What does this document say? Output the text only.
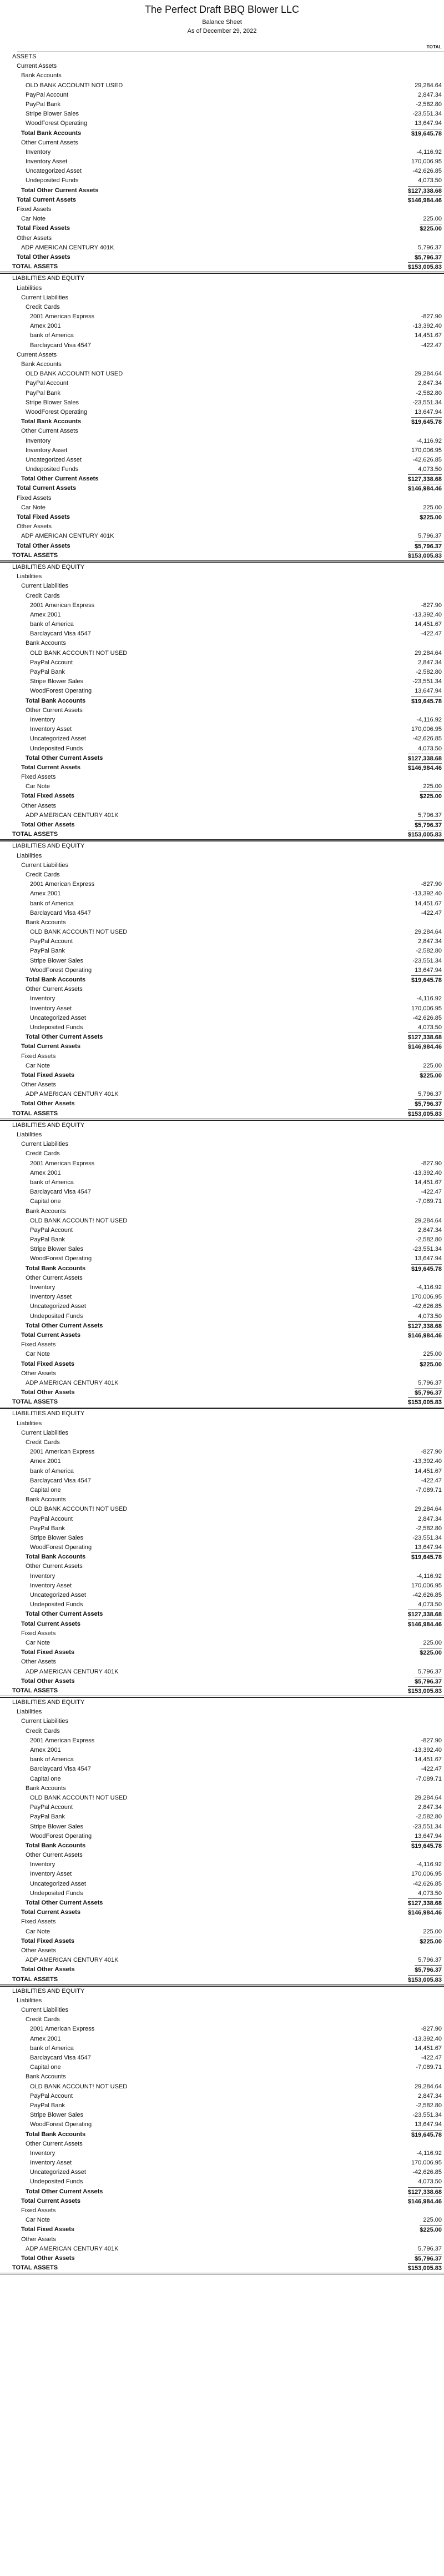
The Perfect Draft BBQ Blower LLC
Balance Sheet
As of December 29, 2022
TOTAL
ASSETS
Current Assets
Bank Accounts
OLD BANK ACCOUNT! NOT USED	29,284.64
PayPal Account	2,847.34
PayPal Bank	-2,582.80
Stripe Blower Sales	-23,551.34
WoodForest Operating	13,647.94
Total Bank Accounts	$19,645.78
Other Current Assets
Inventory	-4,116.92
Inventory Asset	170,006.95
Uncategorized Asset	-42,626.85
Undeposited Funds	4,073.50
Total Other Current Assets	$127,338.68
Total Current Assets	$146,984.46
Fixed Assets
Car Note	225.00
Total Fixed Assets	$225.00
Other Assets
ADP AMERICAN CENTURY 401K	5,796.37
Total Other Assets	$5,796.37
TOTAL ASSETS	$153,005.83
LIABILITIES AND EQUITY
Liabilities
Current Liabilities
Credit Cards
2001 American Express	-827.90
Amex 2001	-13,392.40
bank of America	14,451.67
Barclaycard Visa 4547	-422.47
Current Assets
Bank Accounts
OLD BANK ACCOUNT! NOT USED	29,284.64
PayPal Account	2,847.34
PayPal Bank	-2,582.80
Stripe Blower Sales	-23,551.34
WoodForest Operating	13,647.94
Total Bank Accounts	$19,645.78
Other Current Assets
Inventory	-4,116.92
Inventory Asset	170,006.95
Uncategorized Asset	-42,626.85
Undeposited Funds	4,073.50
Total Other Current Assets	$127,338.68
Total Current Assets	$146,984.46
Fixed Assets
Car Note	225.00
Total Fixed Assets	$225.00
Other Assets
ADP AMERICAN CENTURY 401K	5,796.37
Total Other Assets	$5,796.37
TOTAL ASSETS	$153,005.83
LIABILITIES AND EQUITY
Liabilities
Current Liabilities
Credit Cards
2001 American Express	-827.90
Amex 2001	-13,392.40
bank of America	14,451.67
Barclaycard Visa 4547	-422.47
Bank Accounts
OLD BANK ACCOUNT! NOT USED	29,284.64
PayPal Account	2,847.34
PayPal Bank	-2,582.80
Stripe Blower Sales	-23,551.34
WoodForest Operating	13,647.94
Total Bank Accounts	$19,645.78
Other Current Assets
Inventory	-4,116.92
Inventory Asset	170,006.95
Uncategorized Asset	-42,626.85
Undeposited Funds	4,073.50
Total Other Current Assets	$127,338.68
Total Current Assets	$146,984.46
Fixed Assets
Car Note	225.00
Total Fixed Assets	$225.00
Other Assets
ADP AMERICAN CENTURY 401K	5,796.37
Total Other Assets	$5,796.37
TOTAL ASSETS	$153,005.83
LIABILITIES AND EQUITY
Liabilities
Current Liabilities
Credit Cards
2001 American Express	-827.90
Amex 2001	-13,392.40
bank of America	14,451.67
Barclaycard Visa 4547	-422.47
Bank Accounts
OLD BANK ACCOUNT! NOT USED	29,284.64
PayPal Account	2,847.34
PayPal Bank	-2,582.80
Stripe Blower Sales	-23,551.34
WoodForest Operating	13,647.94
Total Bank Accounts	$19,645.78
Other Current Assets
Inventory	-4,116.92
Inventory Asset	170,006.95
Uncategorized Asset	-42,626.85
Undeposited Funds	4,073.50
Total Other Current Assets	$127,338.68
Total Current Assets	$146,984.46
Fixed Assets
Car Note	225.00
Total Fixed Assets	$225.00
Other Assets
ADP AMERICAN CENTURY 401K	5,796.37
Total Other Assets	$5,796.37
TOTAL ASSETS	$153,005.83
LIABILITIES AND EQUITY
Liabilities
Current Liabilities
Credit Cards
2001 American Express	-827.90
Amex 2001	-13,392.40
bank of America	14,451.67
Barclaycard Visa 4547	-422.47
Capital one	-7,089.71
Bank Accounts
OLD BANK ACCOUNT! NOT USED	29,284.64
PayPal Account	2,847.34
PayPal Bank	-2,582.80
Stripe Blower Sales	-23,551.34
WoodForest Operating	13,647.94
Total Bank Accounts	$19,645.78
Other Current Assets
Inventory	-4,116.92
Inventory Asset	170,006.95
Uncategorized Asset	-42,626.85
Undeposited Funds	4,073.50
Total Other Current Assets	$127,338.68
Total Current Assets	$146,984.46
Fixed Assets
Car Note	225.00
Total Fixed Assets	$225.00
Other Assets
ADP AMERICAN CENTURY 401K	5,796.37
Total Other Assets	$5,796.37
TOTAL ASSETS	$153,005.83
LIABILITIES AND EQUITY
Liabilities
Current Liabilities
Credit Cards
2001 American Express	-827.90
Amex 2001	-13,392.40
bank of America	14,451.67
Barclaycard Visa 4547	-422.47
Capital one	-7,089.71
Bank Accounts
OLD BANK ACCOUNT! NOT USED	29,284.64
PayPal Account	2,847.34
PayPal Bank	-2,582.80
Stripe Blower Sales	-23,551.34
WoodForest Operating	13,647.94
Total Bank Accounts	$19,645.78
Other Current Assets
Inventory	-4,116.92
Inventory Asset	170,006.95
Uncategorized Asset	-42,626.85
Undeposited Funds	4,073.50
Total Other Current Assets	$127,338.68
Total Current Assets	$146,984.46
Fixed Assets
Car Note	225.00
Total Fixed Assets	$225.00
Other Assets
ADP AMERICAN CENTURY 401K	5,796.37
Total Other Assets	$5,796.37
TOTAL ASSETS	$153,005.83
LIABILITIES AND EQUITY
Liabilities
Current Liabilities
Credit Cards
2001 American Express	-827.90
Amex 2001	-13,392.40
bank of America	14,451.67
Barclaycard Visa 4547	-422.47
Capital one	-7,089.71
Bank Accounts
OLD BANK ACCOUNT! NOT USED	29,284.64
PayPal Account	2,847.34
PayPal Bank	-2,582.80
Stripe Blower Sales	-23,551.34
WoodForest Operating	13,647.94
Total Bank Accounts	$19,645.78
Other Current Assets
Inventory	-4,116.92
Inventory Asset	170,006.95
Uncategorized Asset	-42,626.85
Undeposited Funds	4,073.50
Total Other Current Assets	$127,338.68
Total Current Assets	$146,984.46
Fixed Assets
Car Note	225.00
Total Fixed Assets	$225.00
Other Assets
ADP AMERICAN CENTURY 401K	5,796.37
Total Other Assets	$5,796.37
TOTAL ASSETS	$153,005.83
LIABILITIES AND EQUITY
Liabilities
Current Liabilities
Credit Cards
2001 American Express	-827.90
Amex 2001	-13,392.40
bank of America	14,451.67
Barclaycard Visa 4547	-422.47
Capital one	-7,089.71
Bank Accounts
OLD BANK ACCOUNT! NOT USED	29,284.64
PayPal Account	2,847.34
PayPal Bank	-2,582.80
Stripe Blower Sales	-23,551.34
WoodForest Operating	13,647.94
Total Bank Accounts	$19,645.78
Other Current Assets
Inventory	-4,116.92
Inventory Asset	170,006.95
Uncategorized Asset	-42,626.85
Undeposited Funds	4,073.50
Total Other Current Assets	$127,338.68
Total Current Assets	$146,984.46
Fixed Assets
Car Note	225.00
Total Fixed Assets	$225.00
Other Assets
ADP AMERICAN CENTURY 401K	5,796.37
Total Other Assets	$5,796.37
TOTAL ASSETS	$153,005.83
